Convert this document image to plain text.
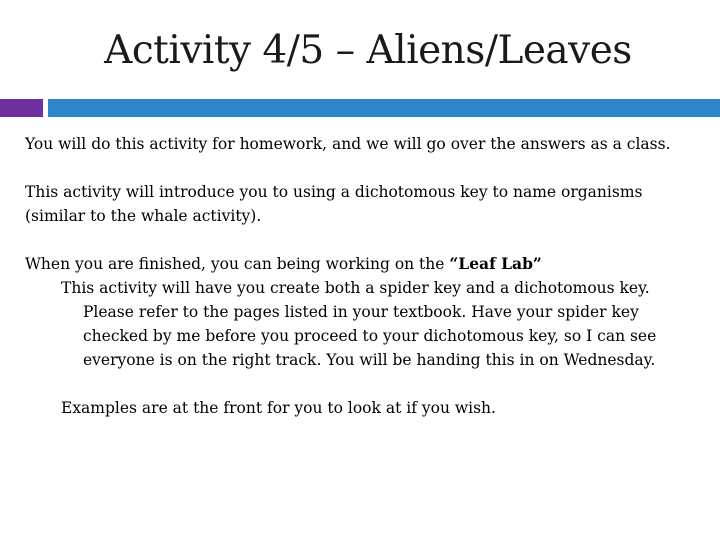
Activity 4/5 – Aliens/Leaves

You will do this activity for homework, and we will go over the answers as a class.

This activity will introduce you to using a dichotomous key to name organisms (similar to the whale activity).

When you are finished, you can being working on the “Leaf Lab”

This activity will have you create both a spider key and a dichotomous key. Please refer to the pages listed in your textbook. Have your spider key checked by me before you proceed to your dichotomous key, so I can see everyone is on the right track. You will be handing this in on Wednesday.

Examples are at the front for you to look at if you wish.
